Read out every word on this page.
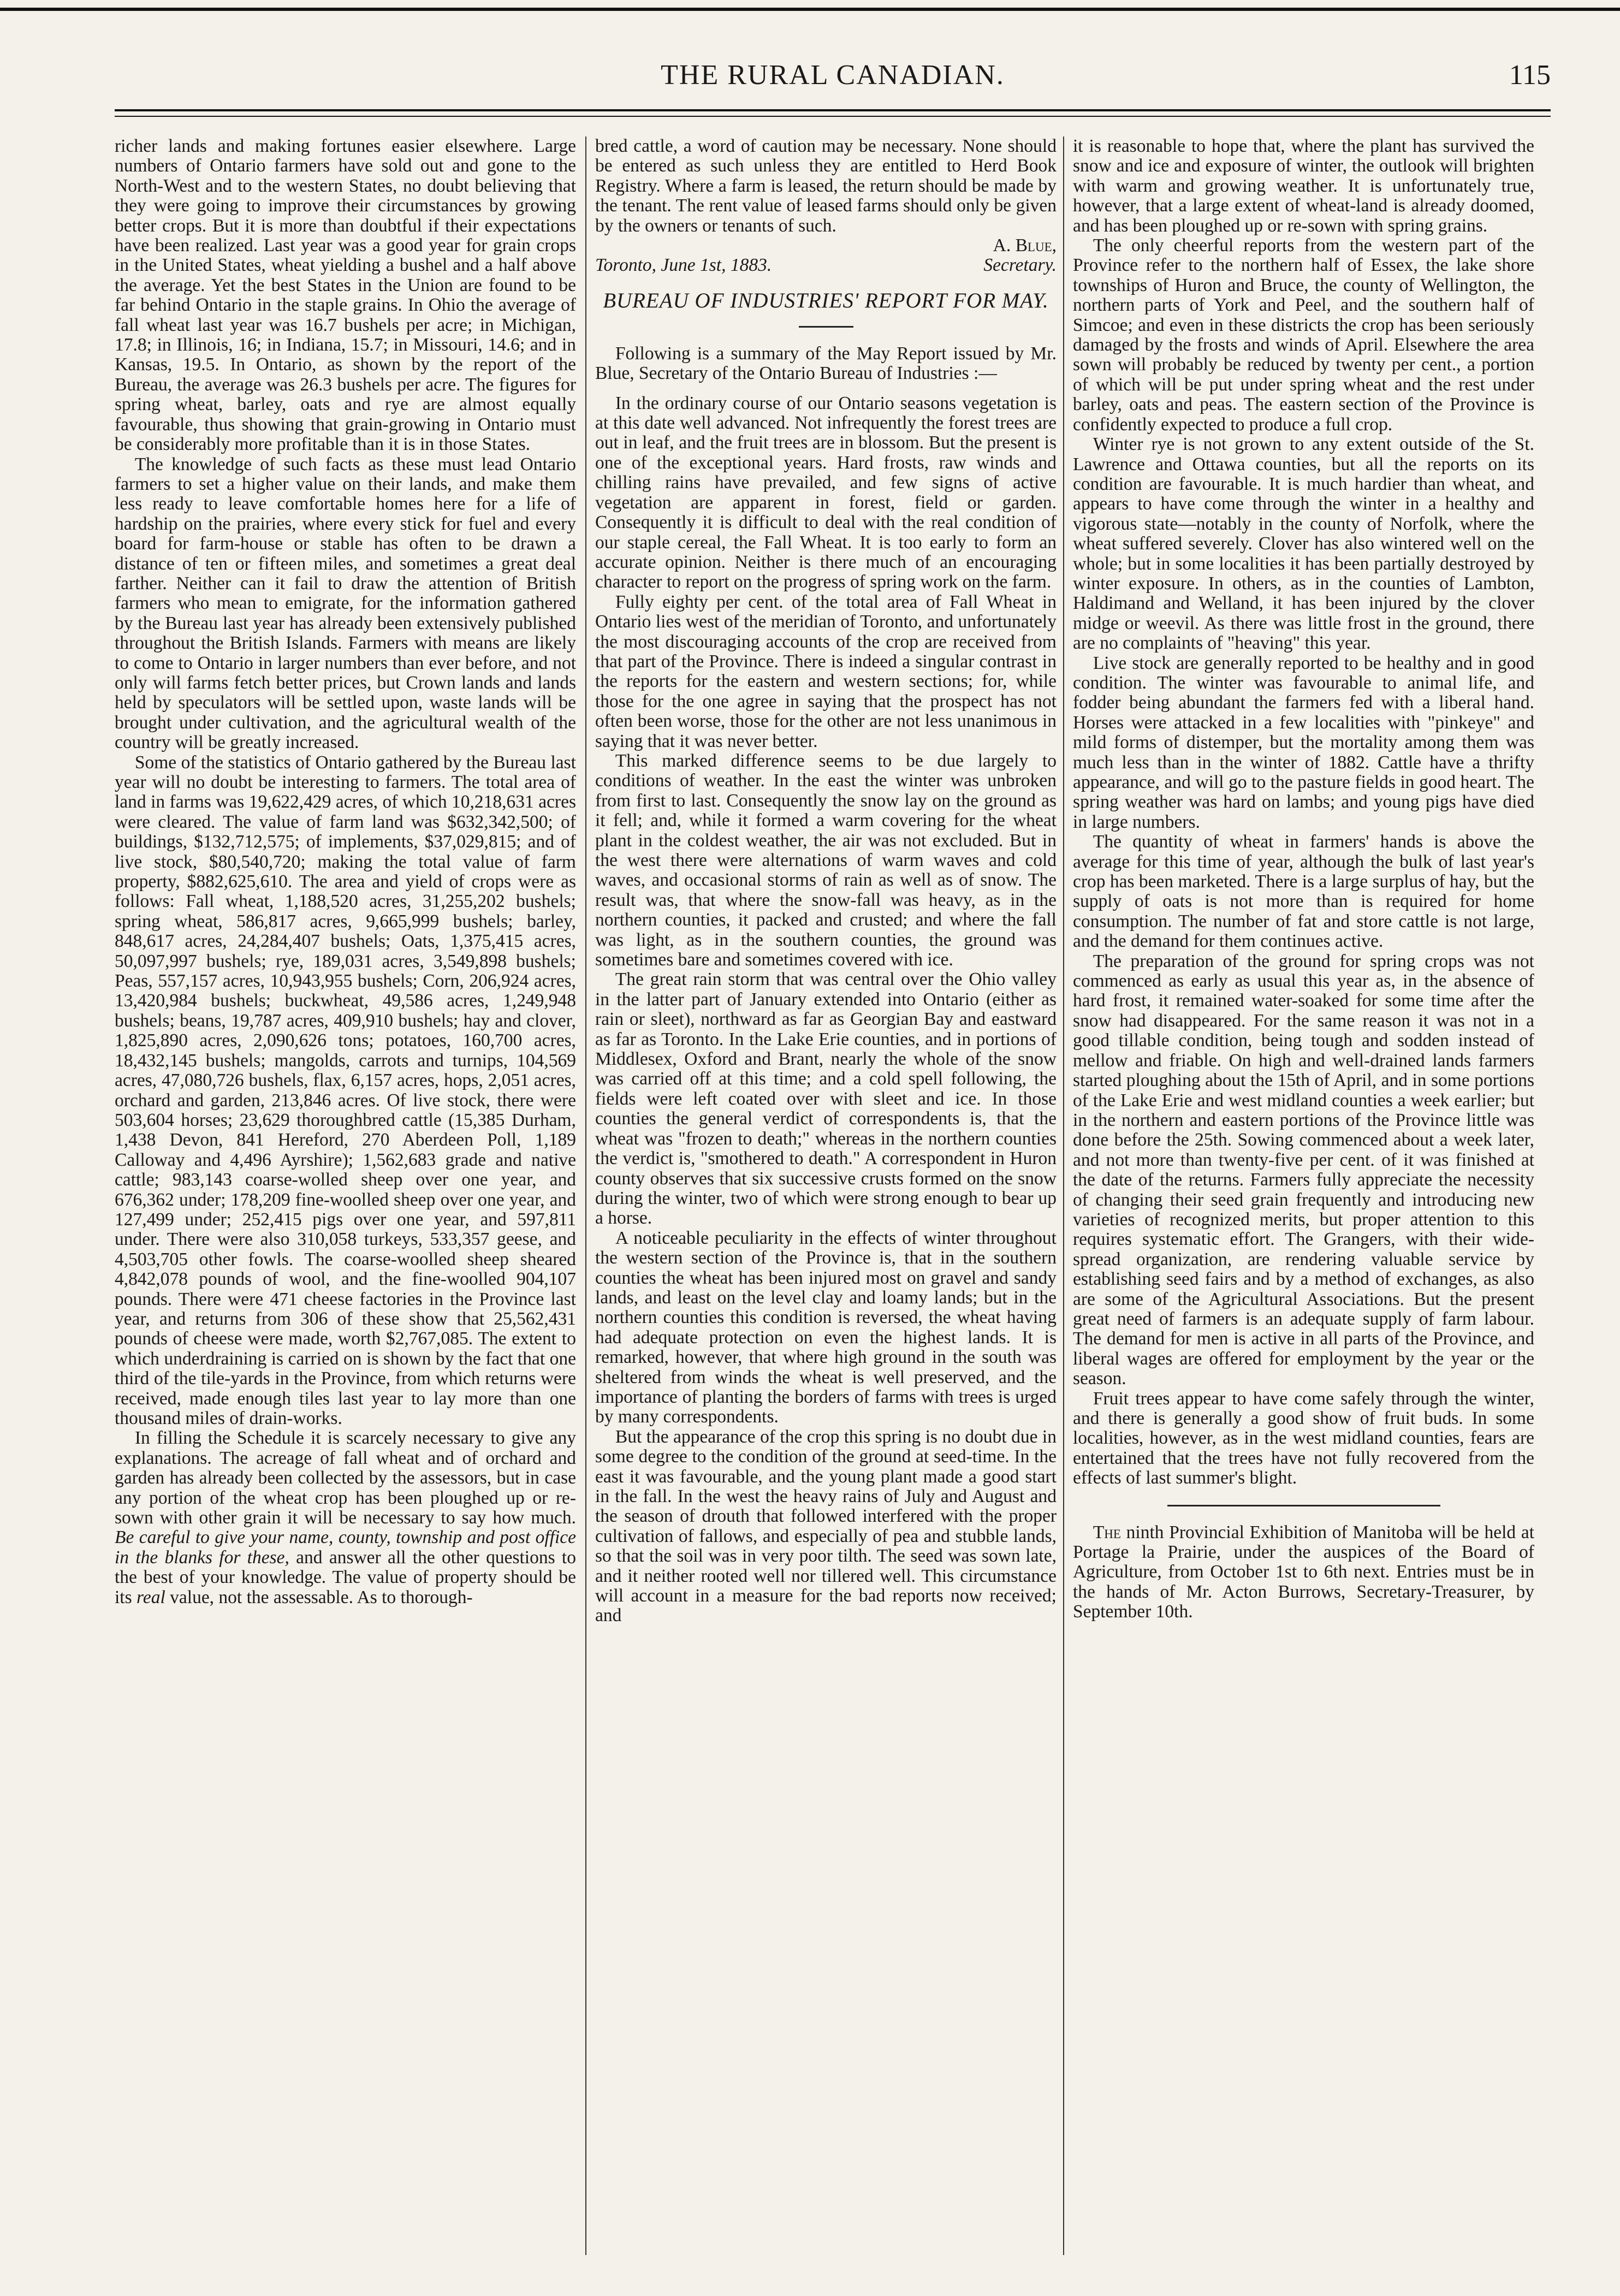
THE RURAL CANADIAN.	115

richer lands and making fortunes easier elsewhere. Large numbers of Ontario farmers have sold out and gone to the North-West and to the western States, no doubt believing that they were going to improve their circumstances by growing better crops. But it is more than doubtful if their expectations have been realized. Last year was a good year for grain crops in the United States, wheat yielding a bushel and a half above the average. Yet the best States in the Union are found to be far behind Ontario in the staple grains. In Ohio the average of fall wheat last year was 16.7 bushels per acre; in Michigan, 17.8; in Illinois, 16; in Indiana, 15.7; in Missouri, 14.6; and in Kansas, 19.5. In Ontario, as shown by the report of the Bureau, the average was 26.3 bushels per acre. The figures for spring wheat, barley, oats and rye are almost equally favourable, thus showing that grain-growing in Ontario must be considerably more profitable than it is in those States.

The knowledge of such facts as these must lead Ontario farmers to set a higher value on their lands, and make them less ready to leave comfortable homes here for a life of hardship on the prairies, where every stick for fuel and every board for farm-house or stable has often to be drawn a distance of ten or fifteen miles, and sometimes a great deal farther. Neither can it fail to draw the attention of British farmers who mean to emigrate, for the information gathered by the Bureau last year has already been extensively published throughout the British Islands. Farmers with means are likely to come to Ontario in larger numbers than ever before, and not only will farms fetch better prices, but Crown lands and lands held by speculators will be settled upon, waste lands will be brought under cultivation, and the agricultural wealth of the country will be greatly increased.

Some of the statistics of Ontario gathered by the Bureau last year will no doubt be interesting to farmers. The total area of land in farms was 19,622,429 acres, of which 10,218,631 acres were cleared. The value of farm land was $632,342,500; of buildings, $132,712,575; of implements, $37,029,815; and of live stock, $80,540,720; making the total value of farm property, $882,625,610. The area and yield of crops were as follows: Fall wheat, 1,188,520 acres, 31,255,202 bushels; spring wheat, 586,817 acres, 9,665,999 bushels; barley, 848,617 acres, 24,284,407 bushels; Oats, 1,375,415 acres, 50,097,997 bushels; rye, 189,031 acres, 3,549,898 bushels; Peas, 557,157 acres, 10,943,955 bushels; Corn, 206,924 acres, 13,420,984 bushels; buckwheat, 49,586 acres, 1,249,948 bushels; beans, 19,787 acres, 409,910 bushels; hay and clover, 1,825,890 acres, 2,090,626 tons; potatoes, 160,700 acres, 18,432,145 bushels; mangolds, carrots and turnips, 104,569 acres, 47,080,726 bushels, flax, 6,157 acres, hops, 2,051 acres, orchard and garden, 213,846 acres. Of live stock, there were 503,604 horses; 23,629 thoroughbred cattle (15,385 Durham, 1,438 Devon, 841 Hereford, 270 Aberdeen Poll, 1,189 Calloway and 4,496 Ayrshire); 1,562,683 grade and native cattle; 983,143 coarse-wolled sheep over one year, and 676,362 under; 178,209 fine-woolled sheep over one year, and 127,499 under; 252,415 pigs over one year, and 597,811 under. There were also 310,058 turkeys, 533,357 geese, and 4,503,705 other fowls. The coarse-woolled sheep sheared 4,842,078 pounds of wool, and the fine-woolled 904,107 pounds. There were 471 cheese factories in the Province last year, and returns from 306 of these show that 25,562,431 pounds of cheese were made, worth $2,767,085. The extent to which underdraining is carried on is shown by the fact that one third of the tile-yards in the Province, from which returns were received, made enough tiles last year to lay more than one thousand miles of drain-works.

In filling the Schedule it is scarcely necessary to give any explanations. The acreage of fall wheat and of orchard and garden has already been collected by the assessors, but in case any portion of the wheat crop has been ploughed up or re-sown with other grain it will be necessary to say how much. Be careful to give your name, county, township and post office in the blanks for these, and answer all the other questions to the best of your knowledge. The value of property should be its real value, not the assessable. As to thorough-

bred cattle, a word of caution may be necessary. None should be entered as such unless they are entitled to Herd Book Registry. Where a farm is leased, the return should be made by the tenant. The rent value of leased farms should only be given by the owners or tenants of such.

A. Blue,

Toronto, June 1st, 1883.	Secretary.
BUREAU OF INDUSTRIES' REPORT FOR MAY.

Following is a summary of the May Report issued by Mr. Blue, Secretary of the Ontario Bureau of Industries :—

In the ordinary course of our Ontario seasons vegetation is at this date well advanced. Not infrequently the forest trees are out in leaf, and the fruit trees are in blossom. But the present is one of the exceptional years. Hard frosts, raw winds and chilling rains have prevailed, and few signs of active vegetation are apparent in forest, field or garden. Consequently it is difficult to deal with the real condition of our staple cereal, the Fall Wheat. It is too early to form an accurate opinion. Neither is there much of an encouraging character to report on the progress of spring work on the farm.

Fully eighty per cent. of the total area of Fall Wheat in Ontario lies west of the meridian of Toronto, and unfortunately the most discouraging accounts of the crop are received from that part of the Province. There is indeed a singular contrast in the reports for the eastern and western sections; for, while those for the one agree in saying that the prospect has not often been worse, those for the other are not less unanimous in saying that it was never better.

This marked difference seems to be due largely to conditions of weather. In the east the winter was unbroken from first to last. Consequently the snow lay on the ground as it fell; and, while it formed a warm covering for the wheat plant in the coldest weather, the air was not excluded. But in the west there were alternations of warm waves and cold waves, and occasional storms of rain as well as of snow. The result was, that where the snow-fall was heavy, as in the northern counties, it packed and crusted; and where the fall was light, as in the southern counties, the ground was sometimes bare and sometimes covered with ice.

The great rain storm that was central over the Ohio valley in the latter part of January extended into Ontario (either as rain or sleet), northward as far as Georgian Bay and eastward as far as Toronto. In the Lake Erie counties, and in portions of Middlesex, Oxford and Brant, nearly the whole of the snow was carried off at this time; and a cold spell following, the fields were left coated over with sleet and ice. In those counties the general verdict of correspondents is, that the wheat was "frozen to death;" whereas in the northern counties the verdict is, "smothered to death." A correspondent in Huron county observes that six successive crusts formed on the snow during the winter, two of which were strong enough to bear up a horse.

A noticeable peculiarity in the effects of winter throughout the western section of the Province is, that in the southern counties the wheat has been injured most on gravel and sandy lands, and least on the level clay and loamy lands; but in the northern counties this condition is reversed, the wheat having had adequate protection on even the highest lands. It is remarked, however, that where high ground in the south was sheltered from winds the wheat is well preserved, and the importance of planting the borders of farms with trees is urged by many correspondents.

But the appearance of the crop this spring is no doubt due in some degree to the condition of the ground at seed-time. In the east it was favourable, and the young plant made a good start in the fall. In the west the heavy rains of July and August and the season of drouth that followed interfered with the proper cultivation of fallows, and especially of pea and stubble lands, so that the soil was in very poor tilth. The seed was sown late, and it neither rooted well nor tillered well. This circumstance will account in a measure for the bad reports now received; and

it is reasonable to hope that, where the plant has survived the snow and ice and exposure of winter, the outlook will brighten with warm and growing weather. It is unfortunately true, however, that a large extent of wheat-land is already doomed, and has been ploughed up or re-sown with spring grains.

The only cheerful reports from the western part of the Province refer to the northern half of Essex, the lake shore townships of Huron and Bruce, the county of Wellington, the northern parts of York and Peel, and the southern half of Simcoe; and even in these districts the crop has been seriously damaged by the frosts and winds of April. Elsewhere the area sown will probably be reduced by twenty per cent., a portion of which will be put under spring wheat and the rest under barley, oats and peas. The eastern section of the Province is confidently expected to produce a full crop.

Winter rye is not grown to any extent outside of the St. Lawrence and Ottawa counties, but all the reports on its condition are favourable. It is much hardier than wheat, and appears to have come through the winter in a healthy and vigorous state—notably in the county of Norfolk, where the wheat suffered severely. Clover has also wintered well on the whole; but in some localities it has been partially destroyed by winter exposure. In others, as in the counties of Lambton, Haldimand and Welland, it has been injured by the clover midge or weevil. As there was little frost in the ground, there are no complaints of "heaving" this year.

Live stock are generally reported to be healthy and in good condition. The winter was favourable to animal life, and fodder being abundant the farmers fed with a liberal hand. Horses were attacked in a few localities with "pinkeye" and mild forms of distemper, but the mortality among them was much less than in the winter of 1882. Cattle have a thrifty appearance, and will go to the pasture fields in good heart. The spring weather was hard on lambs; and young pigs have died in large numbers.

The quantity of wheat in farmers' hands is above the average for this time of year, although the bulk of last year's crop has been marketed. There is a large surplus of hay, but the supply of oats is not more than is required for home consumption. The number of fat and store cattle is not large, and the demand for them continues active.

The preparation of the ground for spring crops was not commenced as early as usual this year as, in the absence of hard frost, it remained water-soaked for some time after the snow had disappeared. For the same reason it was not in a good tillable condition, being tough and sodden instead of mellow and friable. On high and well-drained lands farmers started ploughing about the 15th of April, and in some portions of the Lake Erie and west midland counties a week earlier; but in the northern and eastern portions of the Province little was done before the 25th. Sowing commenced about a week later, and not more than twenty-five per cent. of it was finished at the date of the returns. Farmers fully appreciate the necessity of changing their seed grain frequently and introducing new varieties of recognized merits, but proper attention to this requires systematic effort. The Grangers, with their wide-spread organization, are rendering valuable service by establishing seed fairs and by a method of exchanges, as also are some of the Agricultural Associations. But the present great need of farmers is an adequate supply of farm labour. The demand for men is active in all parts of the Province, and liberal wages are offered for employment by the year or the season.

Fruit trees appear to have come safely through the winter, and there is generally a good show of fruit buds. In some localities, however, as in the west midland counties, fears are entertained that the trees have not fully recovered from the effects of last summer's blight.

The ninth Provincial Exhibition of Manitoba will be held at Portage la Prairie, under the auspices of the Board of Agriculture, from October 1st to 6th next. Entries must be in the hands of Mr. Acton Burrows, Secretary-Treasurer, by September 10th.
